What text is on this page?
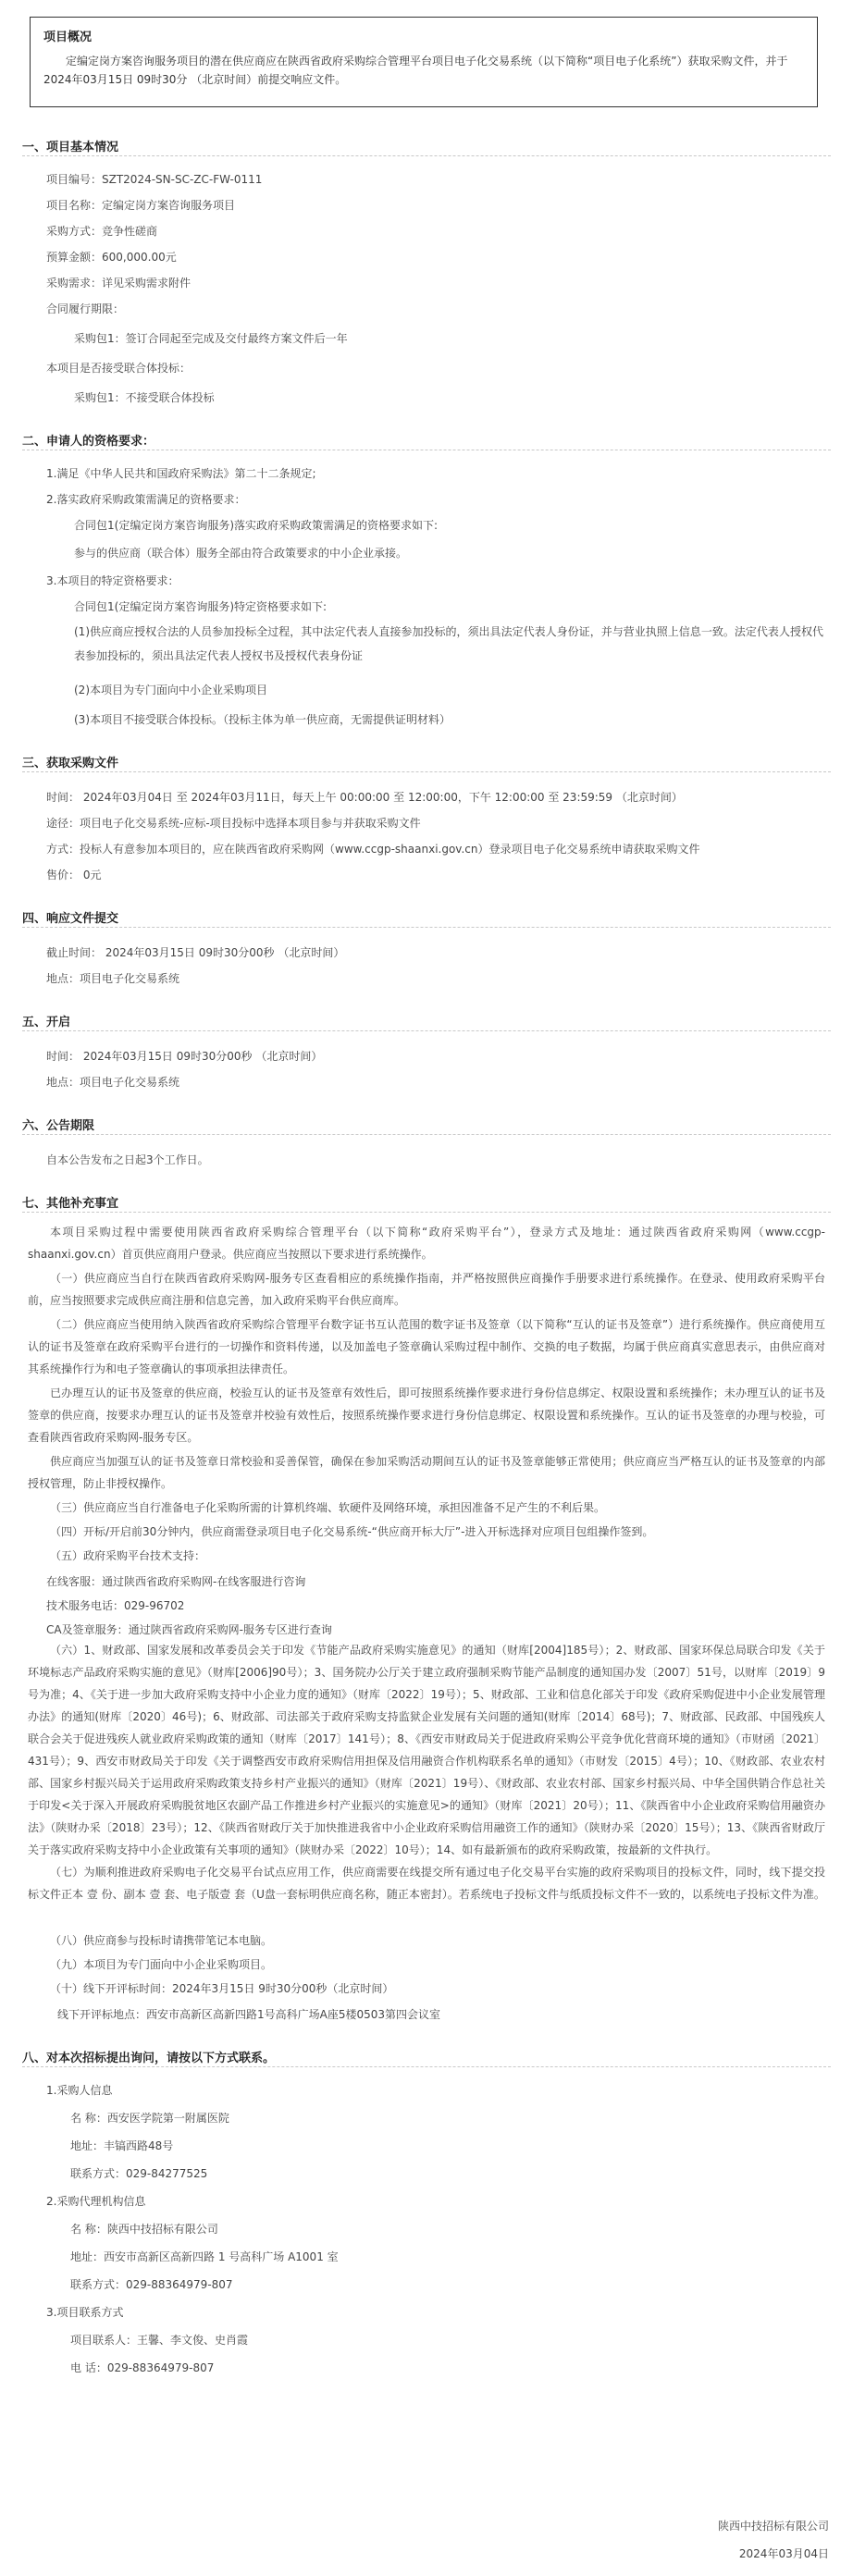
项目概况

定编定岗方案咨询服务项目的潜在供应商应在陕西省政府采购综合管理平台项目电子化交易系统（以下简称“项目电子化系统”）获取采购文件，并于 2024年03月15日 09时30分 （北京时间）前提交响应文件。

一、项目基本情况
项目编号：SZT2024-SN-SC-ZC-FW-0111
项目名称：定编定岗方案咨询服务项目
采购方式：竞争性磋商
预算金额：600,000.00元
采购需求：详见采购需求附件
合同履行期限：
采购包1：签订合同起至完成及交付最终方案文件后一年
本项目是否接受联合体投标：
采购包1：不接受联合体投标
二、申请人的资格要求：
1.满足《中华人民共和国政府采购法》第二十二条规定;
2.落实政府采购政策需满足的资格要求：
合同包1(定编定岗方案咨询服务)落实政府采购政策需满足的资格要求如下:
参与的供应商（联合体）服务全部由符合政策要求的中小企业承接。
3.本项目的特定资格要求：
合同包1(定编定岗方案咨询服务)特定资格要求如下:
(1)供应商应授权合法的人员参加投标全过程，其中法定代表人直接参加投标的，须出具法定代表人身份证，并与营业执照上信息一致。法定代表人授权代表参加投标的，须出具法定代表人授权书及授权代表身份证
(2)本项目为专门面向中小企业采购项目
(3)本项目不接受联合体投标。（投标主体为单一供应商，无需提供证明材料）
三、获取采购文件
时间： 2024年03月04日 至 2024年03月11日，每天上午 00:00:00 至 12:00:00，下午 12:00:00 至 23:59:59 （北京时间）
途径：项目电子化交易系统-应标-项目投标中选择本项目参与并获取采购文件
方式：投标人有意参加本项目的，应在陕西省政府采购网（www.ccgp-shaanxi.gov.cn）登录项目电子化交易系统申请获取采购文件
售价： 0元
四、响应文件提交
截止时间： 2024年03月15日 09时30分00秒 （北京时间）
地点：项目电子化交易系统
五、开启
时间： 2024年03月15日 09时30分00秒 （北京时间）
地点：项目电子化交易系统
六、公告期限
自本公告发布之日起3个工作日。
七、其他补充事宜
本项目采购过程中需要使用陕西省政府采购综合管理平台（以下简称“政府采购平台”），登录方式及地址：通过陕西省政府采购网（www.ccgp-shaanxi.gov.cn）首页供应商用户登录。供应商应当按照以下要求进行系统操作。
（一）供应商应当自行在陕西省政府采购网-服务专区查看相应的系统操作指南，并严格按照供应商操作手册要求进行系统操作。在登录、使用政府采购平台前，应当按照要求完成供应商注册和信息完善，加入政府采购平台供应商库。
（二）供应商应当使用纳入陕西省政府采购综合管理平台数字证书互认范围的数字证书及签章（以下简称“互认的证书及签章”）进行系统操作。供应商使用互认的证书及签章在政府采购平台进行的一切操作和资料传递，以及加盖电子签章确认采购过程中制作、交换的电子数据，均属于供应商真实意思表示，由供应商对其系统操作行为和电子签章确认的事项承担法律责任。
已办理互认的证书及签章的供应商，校验互认的证书及签章有效性后，即可按照系统操作要求进行身份信息绑定、权限设置和系统操作；未办理互认的证书及签章的供应商，按要求办理互认的证书及签章并校验有效性后，按照系统操作要求进行身份信息绑定、权限设置和系统操作。互认的证书及签章的办理与校验，可查看陕西省政府采购网-服务专区。
供应商应当加强互认的证书及签章日常校验和妥善保管，确保在参加采购活动期间互认的证书及签章能够正常使用；供应商应当严格互认的证书及签章的内部授权管理，防止非授权操作。
（三）供应商应当自行准备电子化采购所需的计算机终端、软硬件及网络环境，承担因准备不足产生的不利后果。
（四）开标/开启前30分钟内，供应商需登录项目电子化交易系统-“供应商开标大厅”-进入开标选择对应项目包组操作签到。
（五）政府采购平台技术支持：
在线客服：通过陕西省政府采购网-在线客服进行咨询
技术服务电话：029-96702
CA及签章服务：通过陕西省政府采购网-服务专区进行查询
（六）1、财政部、国家发展和改革委员会关于印发《节能产品政府采购实施意见》的通知（财库[2004]185号）；2、财政部、国家环保总局联合印发《关于环境标志产品政府采购实施的意见》（财库[2006]90号）；3、国务院办公厅关于建立政府强制采购节能产品制度的通知国办发〔2007〕51号，以财库〔2019〕9号为准；4、《关于进一步加大政府采购支持中小企业力度的通知》（财库〔2022〕19号）；5、财政部、工业和信息化部关于印发《政府采购促进中小企业发展管理办法》的通知(财库〔2020〕46号)；6、财政部、司法部关于政府采购支持监狱企业发展有关问题的通知(财库〔2014〕68号)；7、财政部、民政部、中国残疾人联合会关于促进残疾人就业政府采购政策的通知（财库〔2017〕141号）；8、《西安市财政局关于促进政府采购公平竞争优化营商环境的通知》（市财函〔2021〕431号）；9、西安市财政局关于印发《关于调整西安市政府采购信用担保及信用融资合作机构联系名单的通知》（市财发〔2015〕4号）；10、《财政部、农业农村部、国家乡村振兴局关于运用政府采购政策支持乡村产业振兴的通知》（财库〔2021〕19号）、《财政部、农业农村部、国家乡村振兴局、中华全国供销合作总社关于印发<关于深入开展政府采购脱贫地区农副产品工作推进乡村产业振兴的实施意见>的通知》（财库〔2021〕20号）；11、《陕西省中小企业政府采购信用融资办法》（陕财办采〔2018〕23号）；12、《陕西省财政厅关于加快推进我省中小企业政府采购信用融资工作的通知》（陕财办采〔2020〕15号）；13、《陕西省财政厅关于落实政府采购支持中小企业政策有关事项的通知》（陕财办采〔2022〕10号）；14、如有最新颁布的政府采购政策，按最新的文件执行。
（七）为顺利推进政府采购电子化交易平台试点应用工作，供应商需要在线提交所有通过电子化交易平台实施的政府采购项目的投标文件，同时，线下提交投标文件正本 壹 份、副本 壹 套、电子版壹 套（U盘一套标明供应商名称，随正本密封）。若系统电子投标文件与纸质投标文件不一致的，以系统电子投标文件为准。
（八）供应商参与投标时请携带笔记本电脑。
（九）本项目为专门面向中小企业采购项目。
（十）线下开评标时间：2024年3月15日 9时30分00秒（北京时间）
线下开评标地点：西安市高新区高新四路1号高科广场A座5楼0503第四会议室
八、对本次招标提出询问，请按以下方式联系。
1.采购人信息
名 称：西安医学院第一附属医院
地址：丰镐西路48号
联系方式：029-84277525
2.采购代理机构信息
名 称：陕西中技招标有限公司
地址：西安市高新区高新四路 1 号高科广场 A1001 室
联系方式：029-88364979-807
3.项目联系方式
项目联系人：王馨、李文俊、史肖霞
电 话：029-88364979-807
陕西中技招标有限公司
2024年03月04日
